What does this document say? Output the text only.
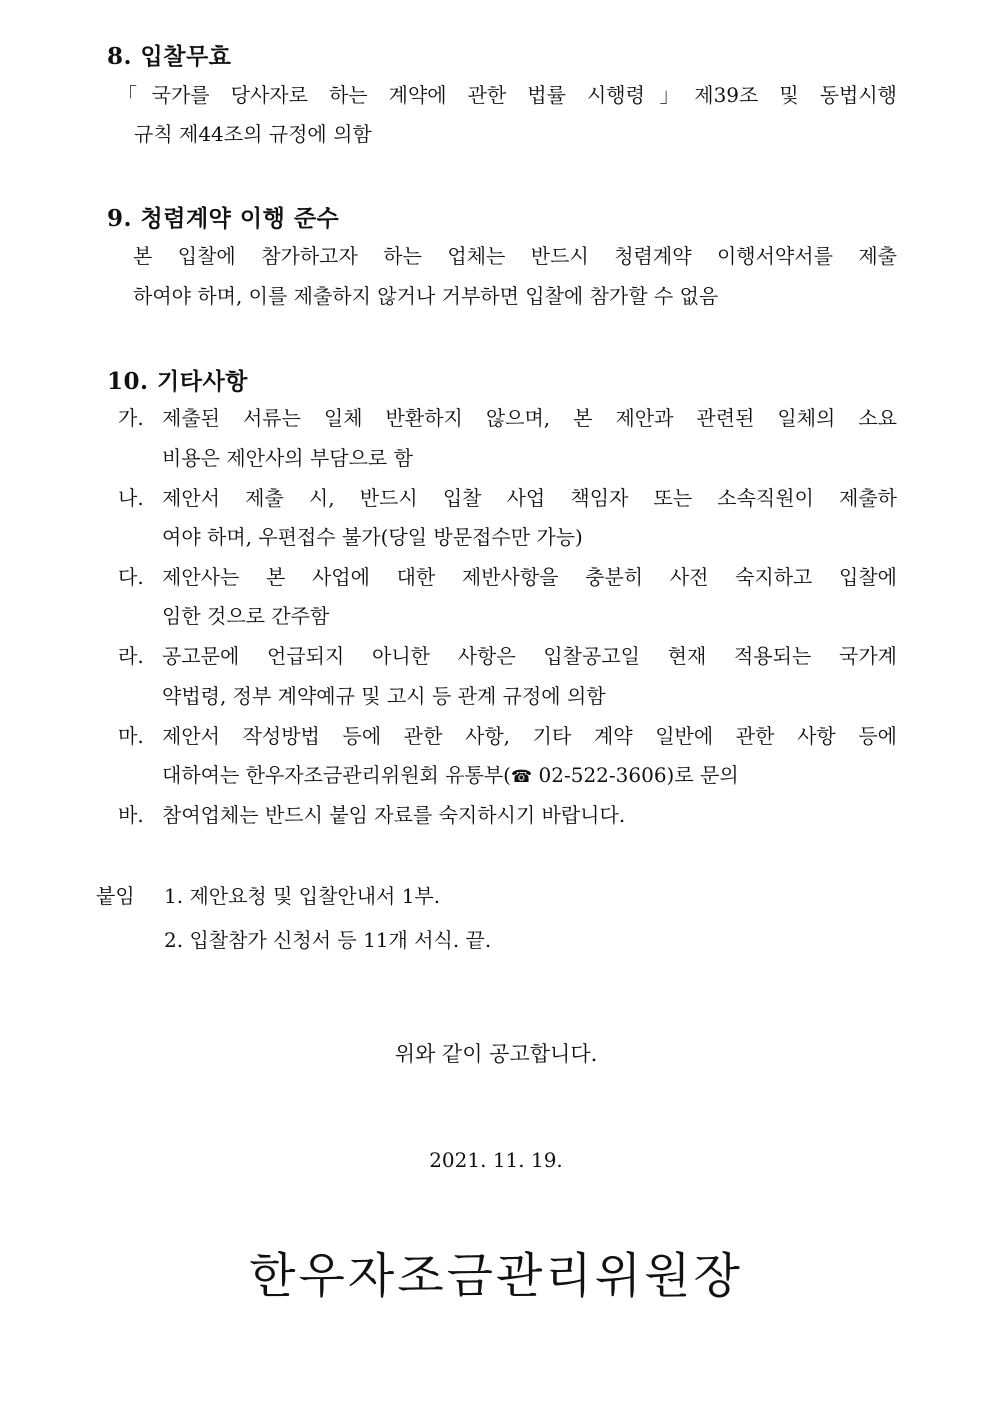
8. 입찰무효
「국가를 당사자로 하는 계약에 관한 법률 시행령」제39조 및 동법시행
규칙 제44조의 규정에 의함
9. 청렴계약 이행 준수
본 입찰에 참가하고자 하는 업체는 반드시 청렴계약 이행서약서를 제출
하여야 하며, 이를 제출하지 않거나 거부하면 입찰에 참가할 수 없음
10. 기타사항
가. 제출된 서류는 일체 반환하지 않으며, 본 제안과 관련된 일체의 소요
비용은 제안사의 부담으로 함
나. 제안서 제출 시, 반드시 입찰 사업 책임자 또는 소속직원이 제출하
여야 하며, 우편접수 불가(당일 방문접수만 가능)
다. 제안사는 본 사업에 대한 제반사항을 충분히 사전 숙지하고 입찰에
임한 것으로 간주함
라. 공고문에 언급되지 아니한 사항은 입찰공고일 현재 적용되는 국가계
약법령, 정부 계약예규 및 고시 등 관계 규정에 의함
마. 제안서 작성방법 등에 관한 사항, 기타 계약 일반에 관한 사항 등에
대하여는 한우자조금관리위원회 유통부(☎ 02-522-3606)로 문의
바. 참여업체는 반드시 붙임 자료를 숙지하시기 바랍니다.
붙임 1. 제안요청 및 입찰안내서 1부.
2. 입찰참가 신청서 등 11개 서식. 끝.
위와 같이 공고합니다.
2021. 11. 19.
한우자조금관리위원장
